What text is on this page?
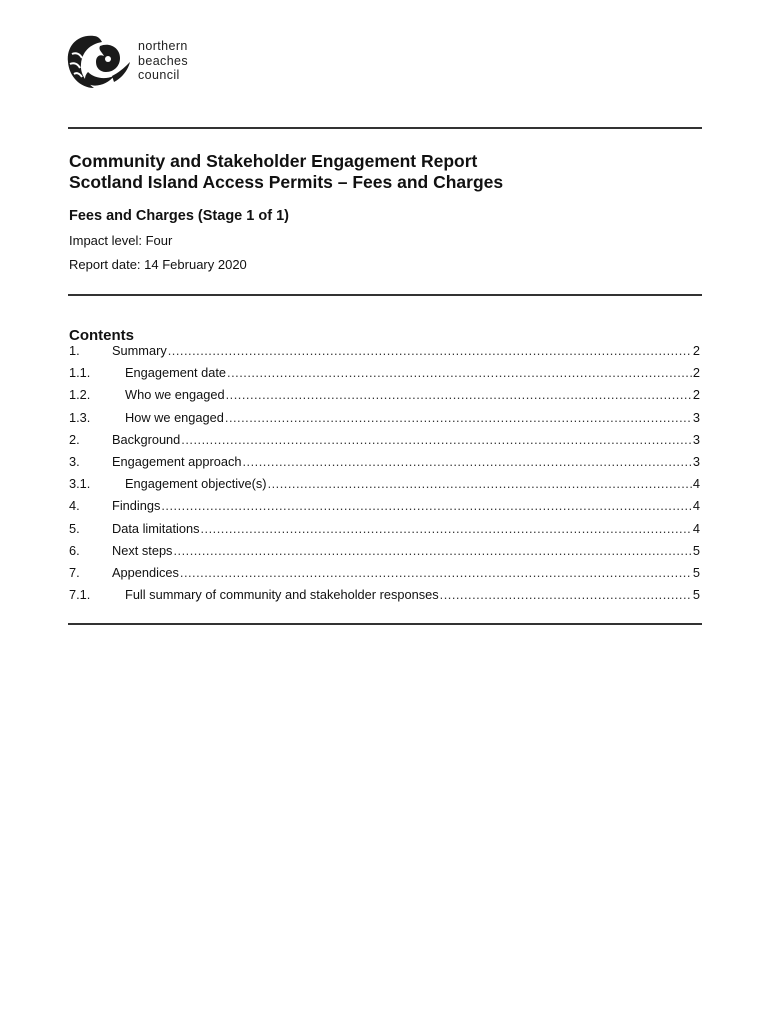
northern
beaches
council
Community and Stakeholder Engagement Report
Scotland Island Access Permits – Fees and Charges
Fees and Charges (Stage 1 of 1)
Impact level: Four
Report date: 14 February 2020
Contents
1.	Summary .....	2
1.1.	Engagement date .....	2
1.2.	Who we engaged .....	2
1.3.	How we engaged .....	3
2.	Background .....	3
3.	Engagement approach .....	3
3.1.	Engagement objective(s) .....	4
4.	Findings .....	4
5.	Data limitations .....	4
6.	Next steps .....	5
7.	Appendices .....	5
7.1.	Full summary of community and stakeholder responses .....	5
